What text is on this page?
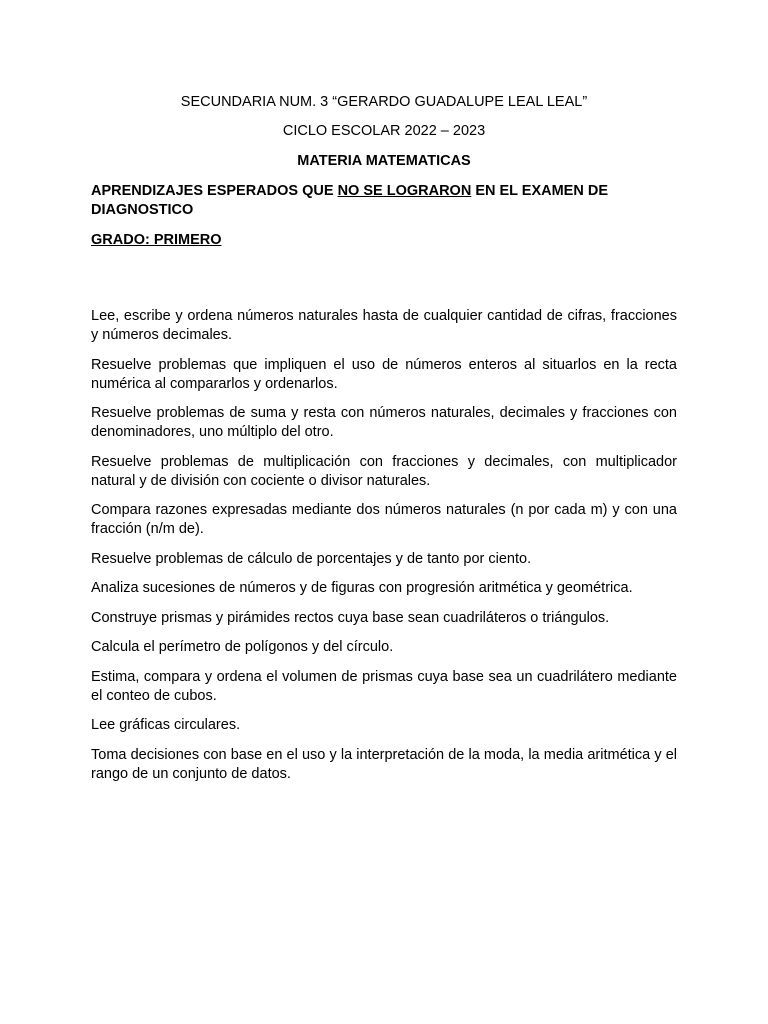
SECUNDARIA NUM. 3 “GERARDO GUADALUPE LEAL LEAL”
CICLO ESCOLAR 2022 – 2023
MATERIA MATEMATICAS
APRENDIZAJES ESPERADOS QUE NO SE LOGRARON EN EL EXAMEN DE DIAGNOSTICO
GRADO: PRIMERO

Lee, escribe y ordena números naturales hasta de cualquier cantidad de cifras, fracciones y números decimales.

Resuelve problemas que impliquen el uso de números enteros al situarlos en la recta numérica al compararlos y ordenarlos.

Resuelve problemas de suma y resta con números naturales, decimales y fracciones con denominadores, uno múltiplo del otro.

Resuelve problemas de multiplicación con fracciones y decimales, con multiplicador natural y de división con cociente o divisor naturales.

Compara razones expresadas mediante dos números naturales (n por cada m) y con una fracción (n/m de).

Resuelve problemas de cálculo de porcentajes y de tanto por ciento.

Analiza sucesiones de números y de figuras con progresión aritmética y geométrica.

Construye prismas y pirámides rectos cuya base sean cuadriláteros o triángulos.

Calcula el perímetro de polígonos y del círculo.

Estima, compara y ordena el volumen de prismas cuya base sea un cuadrilátero mediante el conteo de cubos.

Lee gráficas circulares.

Toma decisiones con base en el uso y la interpretación de la moda, la media aritmética y el rango de un conjunto de datos.
